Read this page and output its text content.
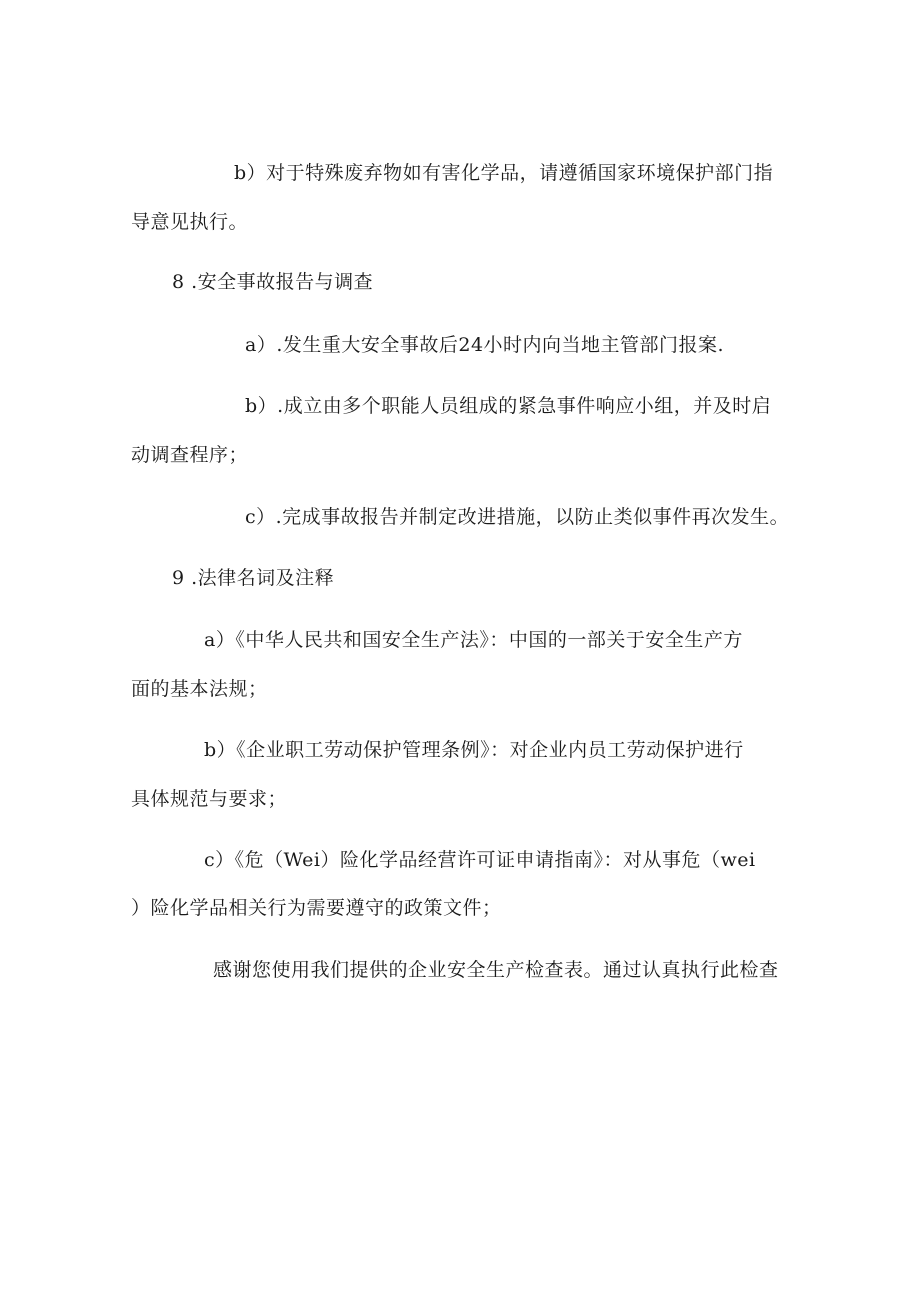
b）对于特殊废弃物如有害化学品，请遵循国家环境保护部门指
导意见执行。
8 .安全事故报告与调查
a）.发生重大安全事故后24小时内向当地主管部门报案.
b）.成立由多个职能人员组成的紧急事件响应小组，并及时启
动调查程序；
c）.完成事故报告并制定改进措施，以防止类似事件再次发生。
9 .法律名词及注释
a）《中华人民共和国安全生产法》：中国的一部关于安全生产方
面的基本法规；
b）《企业职工劳动保护管理条例》：对企业内员工劳动保护进行
具体规范与要求；
c）《危（Wei）险化学品经营许可证申请指南》：对从事危（wei
）险化学品相关行为需要遵守的政策文件；
感谢您使用我们提供的企业安全生产检查表。通过认真执行此检查
